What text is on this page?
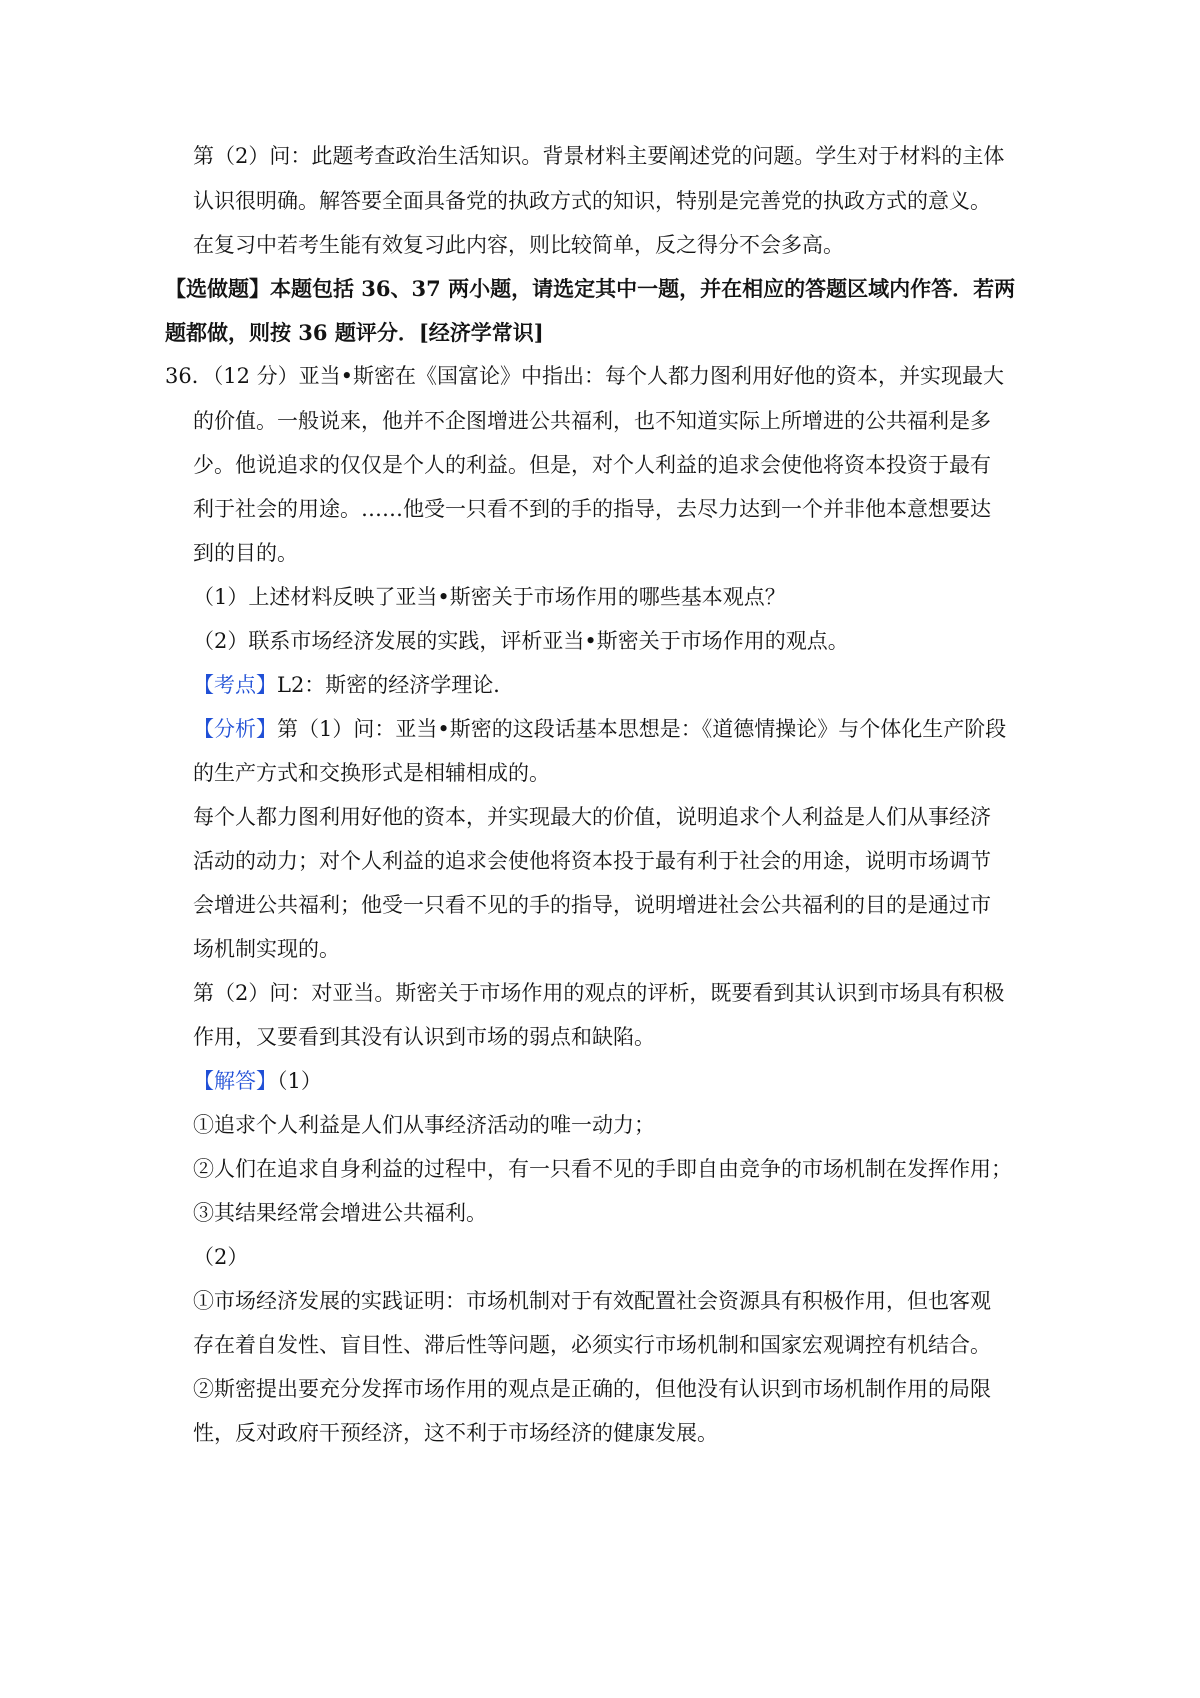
第（2）问：此题考查政治生活知识。背景材料主要阐述党的问题。学生对于材料的主体
认识很明确。解答要全面具备党的执政方式的知识，特别是完善党的执政方式的意义。
在复习中若考生能有效复习此内容，则比较简单，反之得分不会多高。
【选做题】本题包括 36、37 两小题，请选定其中一题，并在相应的答题区域内作答．若两
题都做，则按 36 题评分．[经济学常识]
36．（12 分）亚当•斯密在《国富论》中指出：每个人都力图利用好他的资本，并实现最大
的价值。一般说来，他并不企图增进公共福利，也不知道实际上所增进的公共福利是多
少。他说追求的仅仅是个人的利益。但是，对个人利益的追求会使他将资本投资于最有
利于社会的用途。……他受一只看不到的手的指导，去尽力达到一个并非他本意想要达
到的目的。
（1）上述材料反映了亚当•斯密关于市场作用的哪些基本观点？
（2）联系市场经济发展的实践，评析亚当•斯密关于市场作用的观点。
【考点】L2：斯密的经济学理论．
【分析】第（1）问：亚当•斯密的这段话基本思想是：《道德情操论》与个体化生产阶段
的生产方式和交换形式是相辅相成的。
每个人都力图利用好他的资本，并实现最大的价值，说明追求个人利益是人们从事经济
活动的动力；对个人利益的追求会使他将资本投于最有利于社会的用途，说明市场调节
会增进公共福利；他受一只看不见的手的指导，说明增进社会公共福利的目的是通过市
场机制实现的。
第（2）问：对亚当。斯密关于市场作用的观点的评析，既要看到其认识到市场具有积极
作用，又要看到其没有认识到市场的弱点和缺陷。
【解答】（1）
①追求个人利益是人们从事经济活动的唯一动力；
②人们在追求自身利益的过程中，有一只看不见的手即自由竞争的市场机制在发挥作用；
③其结果经常会增进公共福利。
（2）
①市场经济发展的实践证明：市场机制对于有效配置社会资源具有积极作用，但也客观
存在着自发性、盲目性、滞后性等问题，必须实行市场机制和国家宏观调控有机结合。
②斯密提出要充分发挥市场作用的观点是正确的，但他没有认识到市场机制作用的局限
性，反对政府干预经济，这不利于市场经济的健康发展。
